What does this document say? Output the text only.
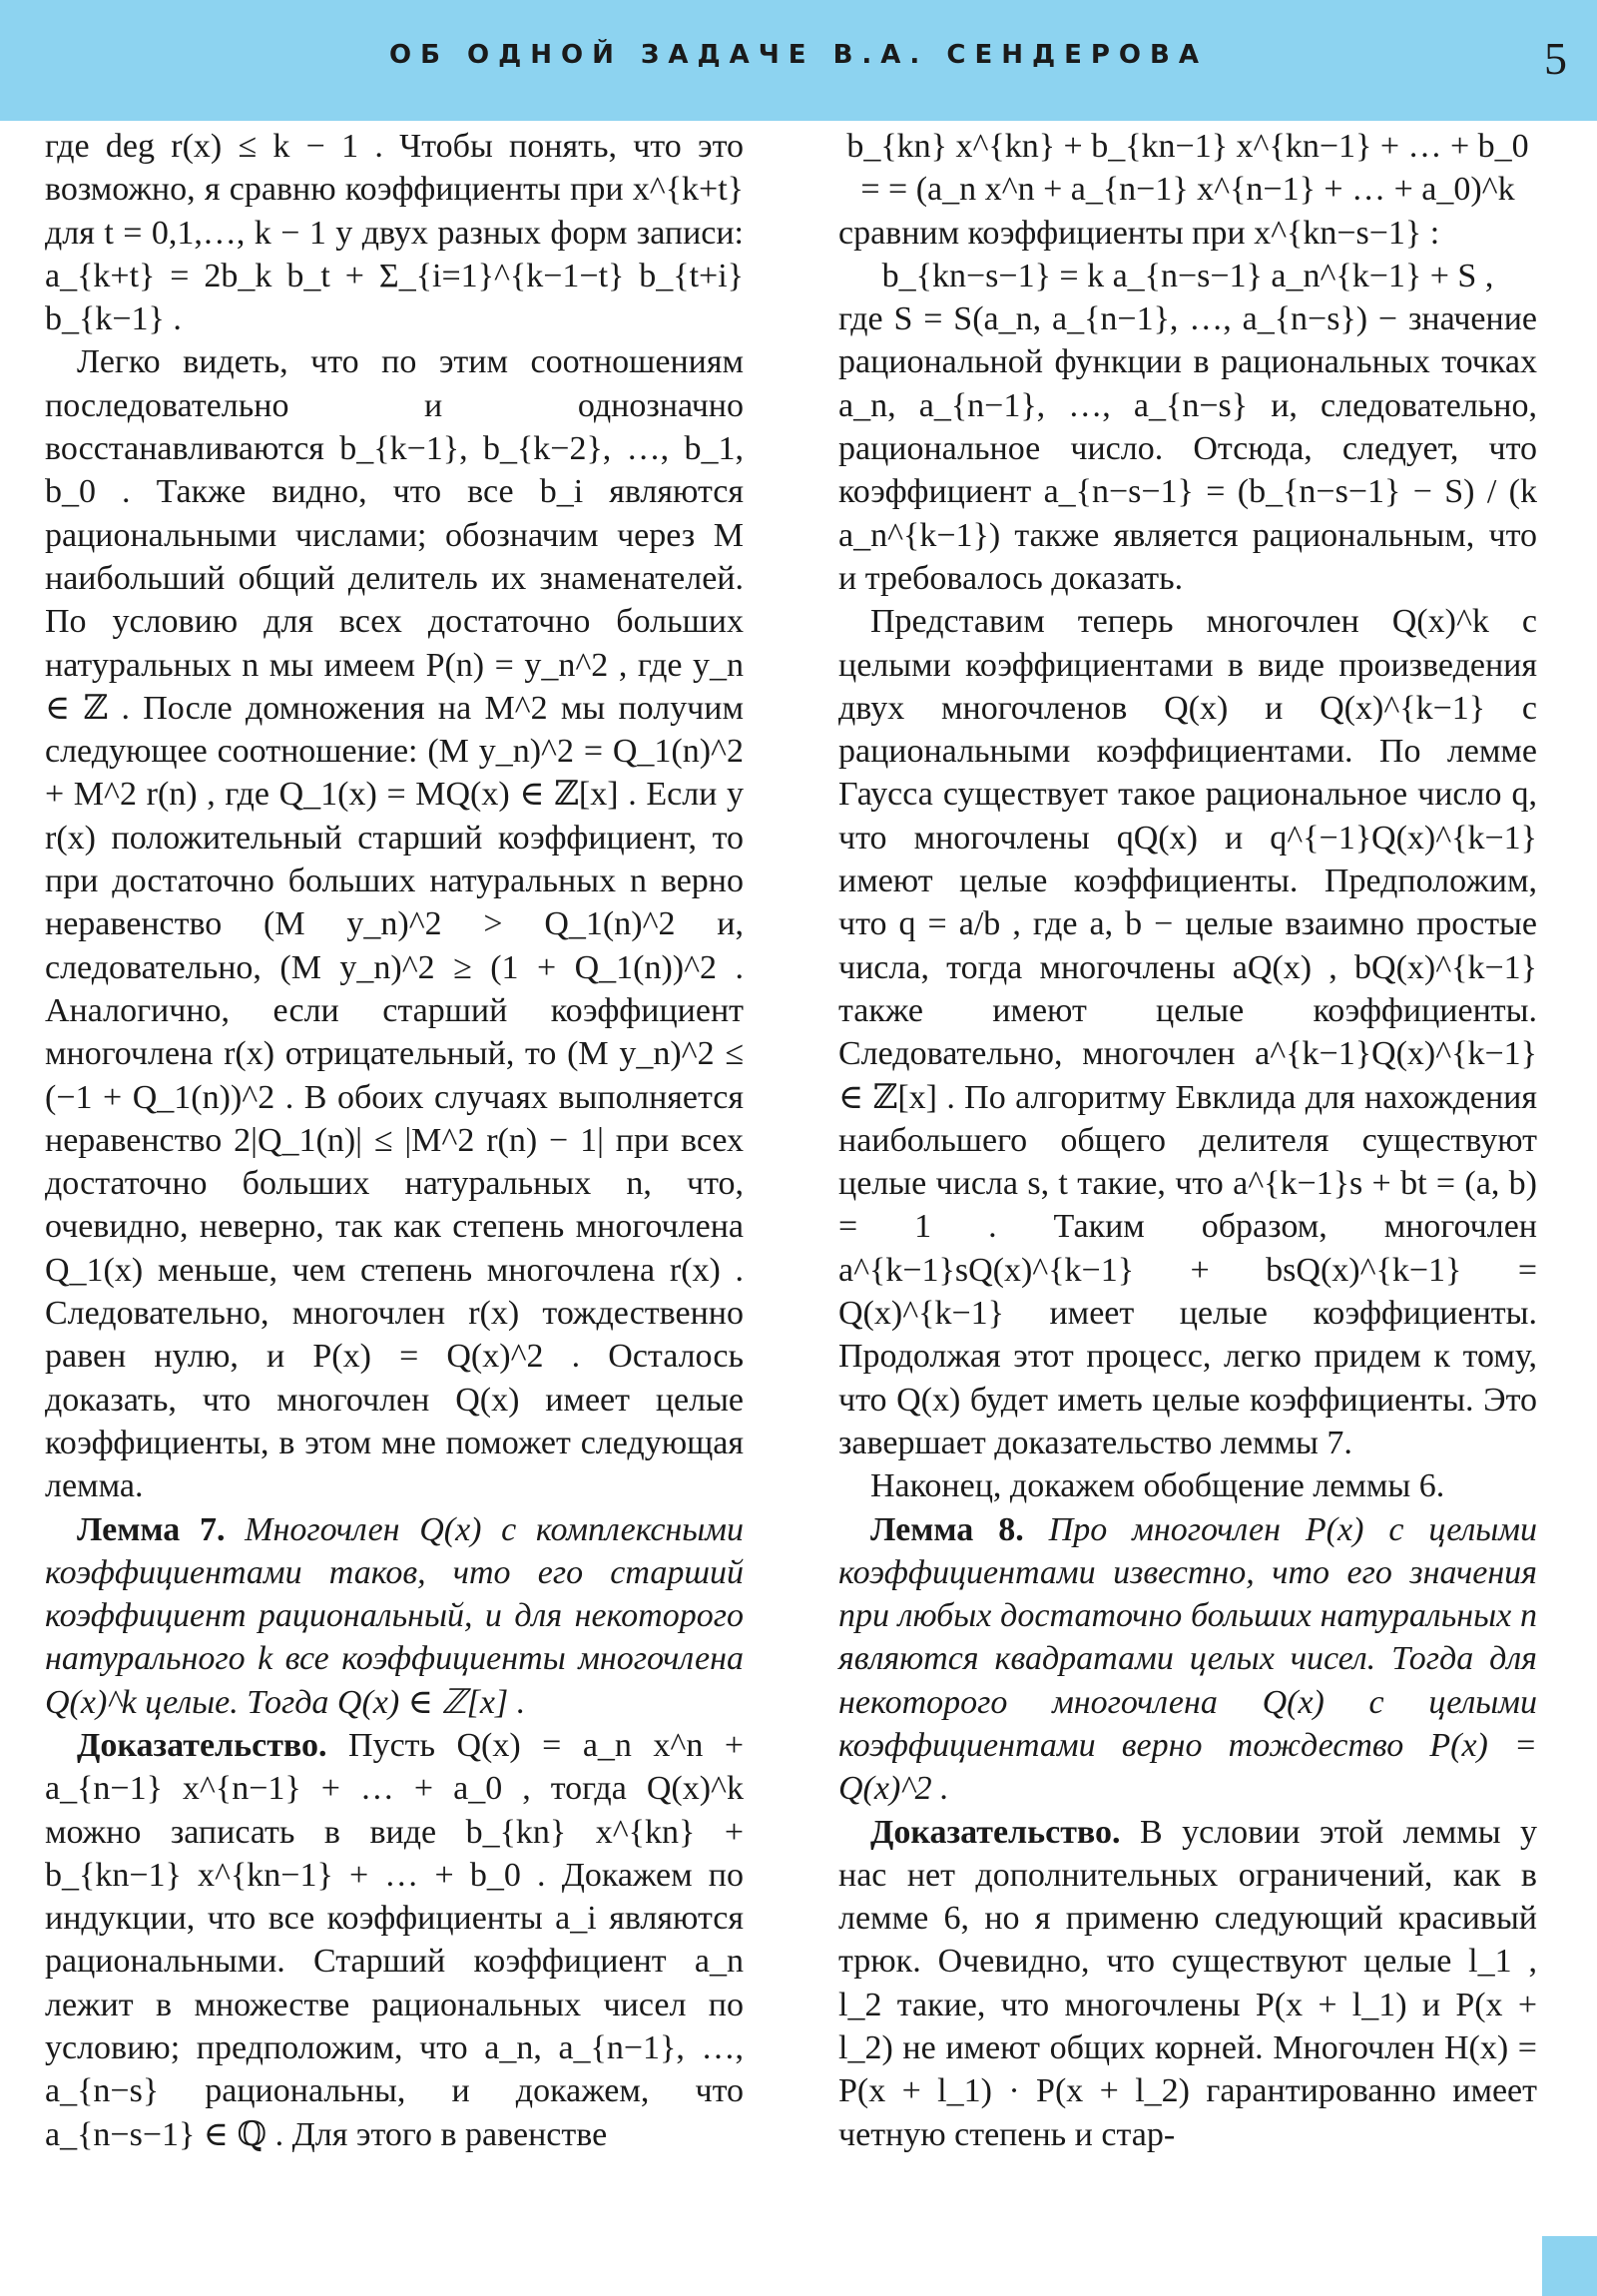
ОБ ОДНОЙ ЗАДАЧЕ В.А. СЕНДЕРОВА	5

где deg r(x) ≤ k − 1 . Чтобы понять, что это возможно, я сравню коэффициенты при x^{k+t} для t = 0,1,…, k − 1 у двух разных форм записи: a_{k+t} = 2b_k b_t + Σ_{i=1}^{k−1−t} b_{t+i} b_{k−1} .

Легко видеть, что по этим соотношениям последовательно и однозначно восстанавливаются b_{k−1}, b_{k−2}, …, b_1, b_0 . Также видно, что все b_i являются рациональными числами; обозначим через M наибольший общий делитель их знаменателей. По условию для всех достаточно больших натуральных n мы имеем P(n) = y_n^2 , где y_n ∈ ℤ . После домножения на M^2 мы получим следующее соотношение: (M y_n)^2 = Q_1(n)^2 + M^2 r(n) , где Q_1(x) = MQ(x) ∈ ℤ[x] . Если у r(x) положительный старший коэффициент, то при достаточно больших натуральных n верно неравенство (M y_n)^2 > Q_1(n)^2 и, следовательно, (M y_n)^2 ≥ (1 + Q_1(n))^2 . Аналогично, если старший коэффициент многочлена r(x) отрицательный, то (M y_n)^2 ≤ (−1 + Q_1(n))^2 . В обоих случаях выполняется неравенство 2|Q_1(n)| ≤ |M^2 r(n) − 1| при всех достаточно больших натуральных n, что, очевидно, неверно, так как степень многочлена Q_1(x) меньше, чем степень многочлена r(x) . Следовательно, многочлен r(x) тождественно равен нулю, и P(x) = Q(x)^2 . Осталось доказать, что многочлен Q(x) имеет целые коэффициенты, в этом мне поможет следующая лемма.

Лемма 7. Многочлен Q(x) с комплексными коэффициентами таков, что его старший коэффициент рациональный, и для некоторого натурального k все коэффициенты многочлена Q(x)^k целые. Тогда Q(x) ∈ ℤ[x] .

Доказательство. Пусть Q(x) = a_n x^n + a_{n−1} x^{n−1} + … + a_0 , тогда Q(x)^k можно записать в виде b_{kn} x^{kn} + b_{kn−1} x^{kn−1} + … + b_0 . Докажем по индукции, что все коэффициенты a_i являются рациональными. Старший коэффициент a_n лежит в множестве рациональных чисел по условию; предположим, что a_n, a_{n−1}, …, a_{n−s} рациональны, и докажем, что a_{n−s−1} ∈ ℚ . Для этого в равенстве

b_{kn} x^{kn} + b_{kn−1} x^{kn−1} + … + b_0 = = (a_n x^n + a_{n−1} x^{n−1} + … + a_0)^k

сравним коэффициенты при x^{kn−s−1} :

b_{kn−s−1} = k a_{n−s−1} a_n^{k−1} + S ,

где S = S(a_n, a_{n−1}, …, a_{n−s}) − значение рациональной функции в рациональных точках a_n, a_{n−1}, …, a_{n−s} и, следовательно, рациональное число. Отсюда, следует, что коэффициент a_{n−s−1} = (b_{n−s−1} − S) / (k a_n^{k−1}) также является рациональным, что и требовалось доказать.

Представим теперь многочлен Q(x)^k с целыми коэффициентами в виде произведения двух многочленов Q(x) и Q(x)^{k−1} с рациональными коэффициентами. По лемме Гаусса существует такое рациональное число q, что многочлены qQ(x) и q^{−1}Q(x)^{k−1} имеют целые коэффициенты. Предположим, что q = a/b , где a, b − целые взаимно простые числа, тогда многочлены aQ(x) , bQ(x)^{k−1} также имеют целые коэффициенты. Следовательно, многочлен a^{k−1}Q(x)^{k−1} ∈ ℤ[x] . По алгоритму Евклида для нахождения наибольшего общего делителя существуют целые числа s, t такие, что a^{k−1}s + bt = (a, b) = 1 . Таким образом, многочлен a^{k−1}sQ(x)^{k−1} + bsQ(x)^{k−1} = Q(x)^{k−1} имеет целые коэффициенты. Продолжая этот процесс, легко придем к тому, что Q(x) будет иметь целые коэффициенты. Это завершает доказательство леммы 7.

Наконец, докажем обобщение леммы 6.

Лемма 8. Про многочлен P(x) с целыми коэффициентами известно, что его значения при любых достаточно больших натуральных n являются квадратами целых чисел. Тогда для некоторого многочлена Q(x) с целыми коэффициентами верно тождество P(x) = Q(x)^2 .

Доказательство. В условии этой леммы у нас нет дополнительных ограничений, как в лемме 6, но я применю следующий красивый трюк. Очевидно, что существуют целые l_1 , l_2 такие, что многочлены P(x + l_1) и P(x + l_2) не имеют общих корней. Многочлен H(x) = P(x + l_1) · P(x + l_2) гарантированно имеет четную степень и стар-
